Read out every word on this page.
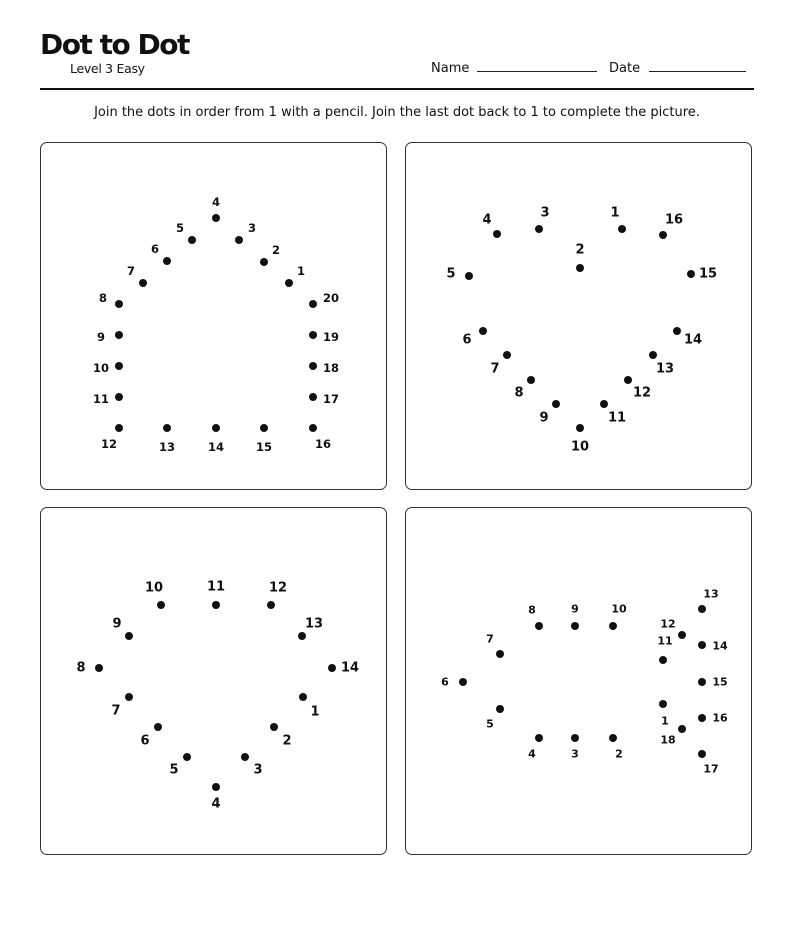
Dot to Dot
Level 3 Easy	Name	Date
Join the dots in order from 1 with a pencil. Join the last dot back to 1 to complete the picture.
1
2
3
4
5
6
7
8
9
10
11
12	13	14	15	16
17
18
19
20
1
2
3
4
5
6
7
8
9
10
11
12
13
14
15
16
1
2
3
4
5
6
7
8
9
10	11	12
13
14
1
2
3
4
5
6
7
8	9	10
11
12
13
14
15
16
17
18
